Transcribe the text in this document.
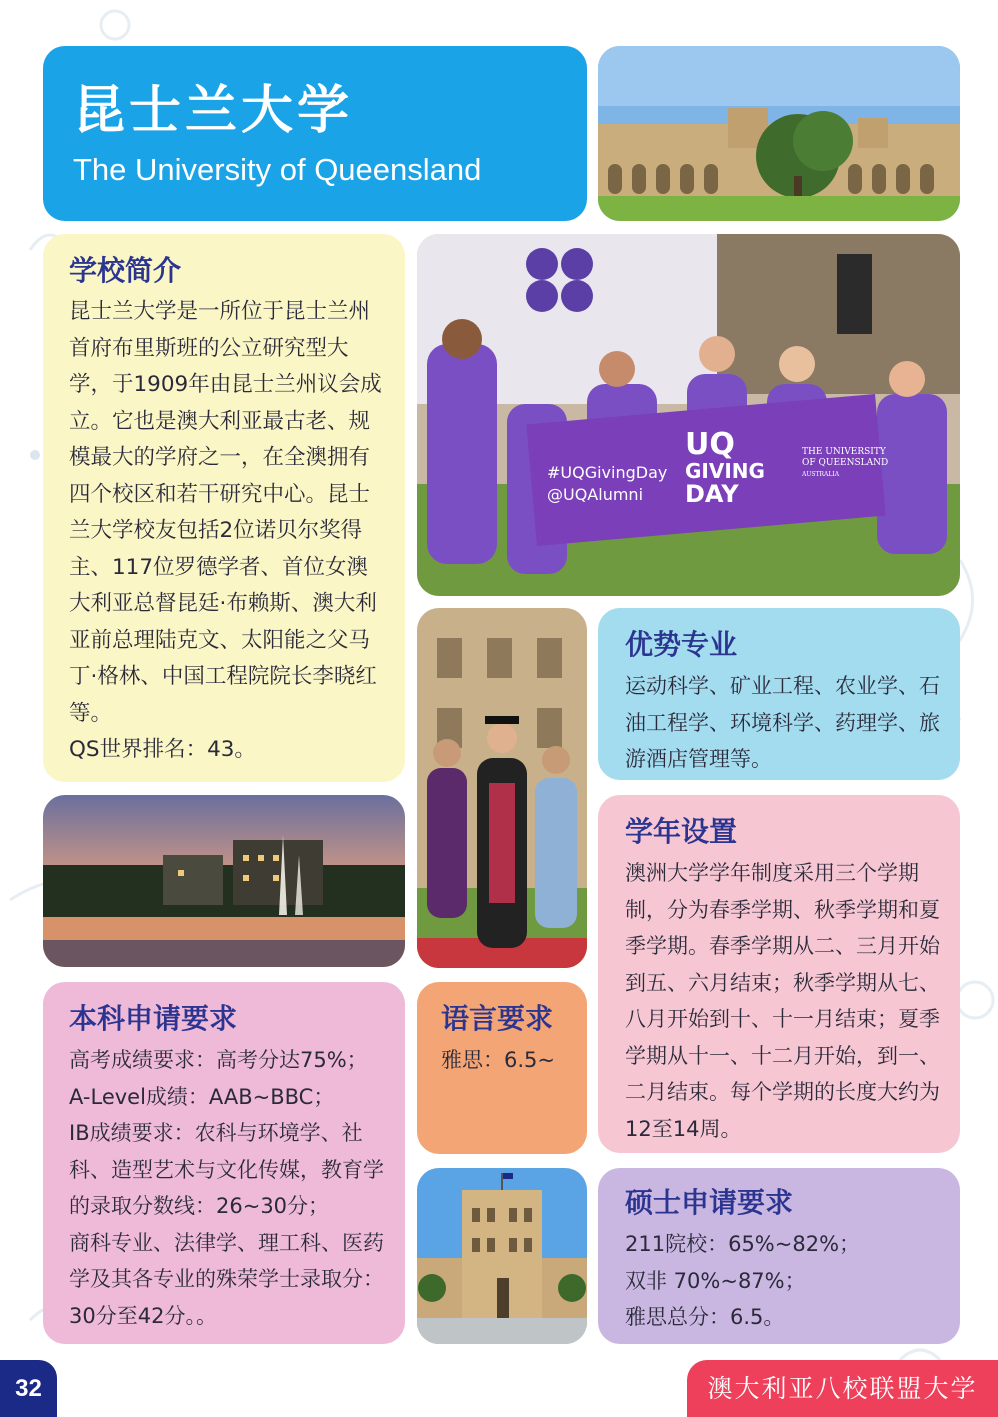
昆士兰大学
The University of Queensland
学校简介
昆士兰大学是一所位于昆士兰州首府布里斯班的公立研究型大学，于1909年由昆士兰州议会成立。它也是澳大利亚最古老、规模最大的学府之一，在全澳拥有四个校区和若干研究中心。昆士兰大学校友包括2位诺贝尔奖得主、117位罗德学者、首位女澳大利亚总督昆廷·布赖斯、澳大利亚前总理陆克文、太阳能之父马丁·格林、中国工程院院长李晓红等。
QS世界排名：43。
#UQGivingDay
@UQAlumni
UQ
GIVING
DAY
THE UNIVERSITY
OF QUEENSLAND
AUSTRALIA
优势专业
运动科学、矿业工程、农业学、石油工程学、环境科学、药理学、旅游酒店管理等。
学年设置
澳洲大学学年制度采用三个学期制，分为春季学期、秋季学期和夏季学期。春季学期从二、三月开始到五、六月结束；秋季学期从七、八月开始到十、十一月结束；夏季学期从十一、十二月开始，到一、二月结束。每个学期的长度大约为12至14周。
本科申请要求
高考成绩要求：高考分达75%；
A-Level成绩：AAB~BBC；
IB成绩要求：农科与环境学、社科、造型艺术与文化传媒，教育学的录取分数线：26~30分；
商科专业、法律学、理工科、医药学及其各专业的殊荣学士录取分：30分至42分。。
语言要求
雅思：6.5~
硕士申请要求
211院校：65%~82%；
双非 70%~87%；
雅思总分：6.5。
32	澳大利亚八校联盟大学
